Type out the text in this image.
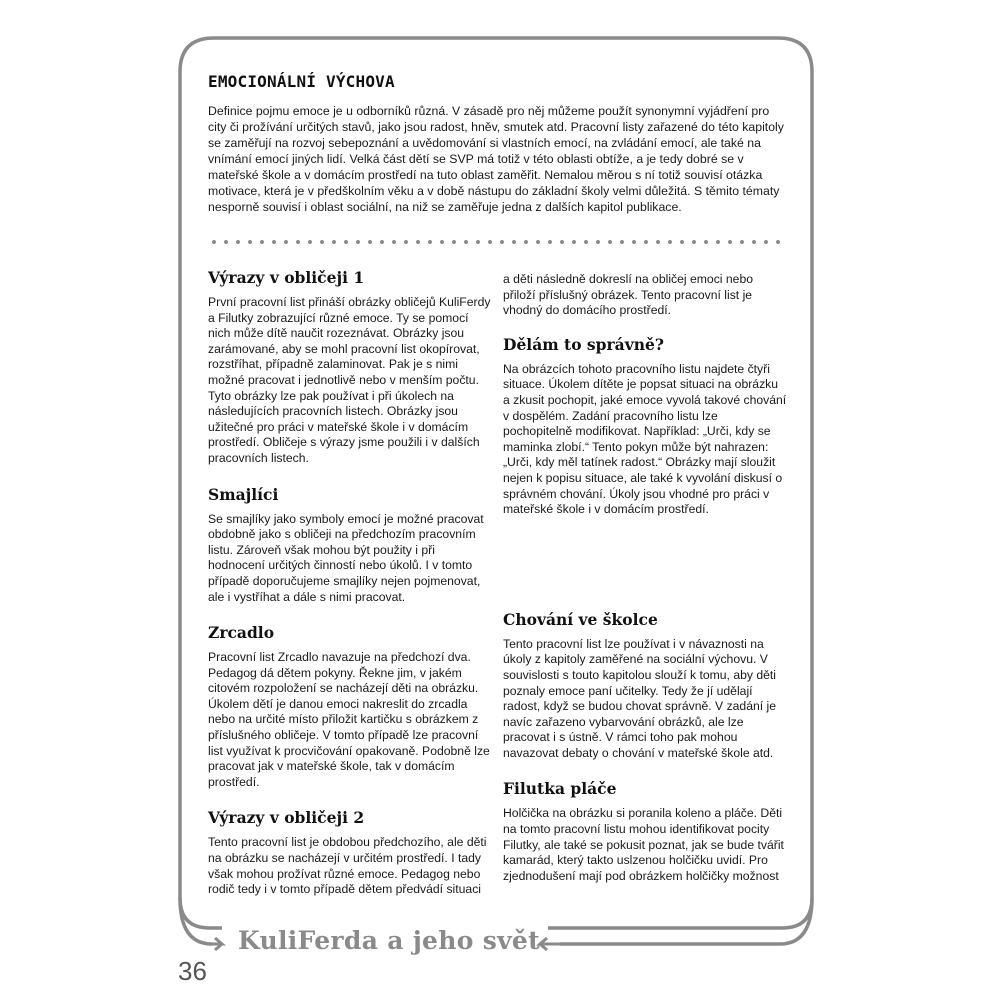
EMOCIONÁLNÍ VÝCHOVA

Definice pojmu emoce je u odborníků různá. V zásadě pro něj můžeme použít synonymní vyjádření pro city či prožívání určitých stavů, jako jsou radost, hněv, smutek atd. Pracovní listy zařazené do této kapitoly se zaměřují na rozvoj sebepoznání a uvědomování si vlastních emocí, na zvládání emocí, ale také na vnímání emocí jiných lidí. Velká část dětí se SVP má totiž v této oblasti obtíže, a je tedy dobré se v mateřské škole a v domácím prostředí na tuto oblast zaměřit. Nemalou měrou s ní totiž souvisí otázka motivace, která je v předškolním věku a v době nástupu do základní školy velmi důležitá. S těmito tématy nesporně souvisí i oblast sociální, na niž se zaměřuje jedna z dalších kapitol publikace.

Výrazy v obličeji 1

První pracovní list přináší obrázky obličejů KuliFerdy a Filutky zobrazující různé emoce. Ty se pomocí nich může dítě naučit rozeznávat. Obrázky jsou zarámované, aby se mohl pracovní list okopírovat, rozstříhat, případně zalaminovat. Pak je s nimi možné pracovat i jednotlivě nebo v menším počtu. Tyto obrázky lze pak používat i při úkolech na následujících pracovních listech. Obrázky jsou užitečné pro práci v mateřské škole i v domácím prostředí. Obličeje s výrazy jsme použili i v dalších pracovních listech.

Smajlíci

Se smajlíky jako symboly emocí je možné pracovat obdobně jako s obličeji na předchozím pracovním listu. Zároveň však mohou být použity i při hodnocení určitých činností nebo úkolů. I v tomto případě doporučujeme smajlíky nejen pojmenovat, ale i vystříhat a dále s nimi pracovat.

Zrcadlo

Pracovní list Zrcadlo navazuje na předchozí dva. Pedagog dá dětem pokyny. Řekne jim, v jakém citovém rozpoložení se nacházejí děti na obrázku. Úkolem dětí je danou emoci nakreslit do zrcadla nebo na určité místo přiložit kartičku s obrázkem z příslušného obličeje. V tomto případě lze pracovní list využívat k procvičování opakovaně. Podobně lze pracovat jak v mateřské škole, tak v domácím prostředí.

Výrazy v obličeji 2

Tento pracovní list je obdobou předchozího, ale děti na obrázku se nacházejí v určitém prostředí. I tady však mohou prožívat různé emoce. Pedagog nebo rodič tedy i v tomto případě dětem předvádí situaci

a děti následně dokreslí na obličej emoci nebo přiloží příslušný obrázek. Tento pracovní list je vhodný do domácího prostředí.

Dělám to správně?

Na obrázcích tohoto pracovního listu najdete čtyři situace. Úkolem dítěte je popsat situaci na obrázku a zkusit pochopit, jaké emoce vyvolá takové chování v dospělém. Zadání pracovního listu lze pochopitelně modifikovat. Například: „Urči, kdy se maminka zlobí.“ Tento pokyn může být nahrazen: „Urči, kdy měl tatínek radost.“ Obrázky mají sloužit nejen k popisu situace, ale také k vyvolání diskusí o správném chování. Úkoly jsou vhodné pro práci v mateřské škole i v domácím prostředí.

Chování ve školce

Tento pracovní list lze používat i v návaznosti na úkoly z kapitoly zaměřené na sociální výchovu. V souvislosti s touto kapitolou slouží k tomu, aby děti poznaly emoce paní učitelky. Tedy že jí udělají radost, když se budou chovat správně. V zadání je navíc zařazeno vybarvování obrázků, ale lze pracovat i s ústně. V rámci toho pak mohou navazovat debaty o chování v mateřské škole atd.

Filutka pláče

Holčička na obrázku si poranila koleno a pláče. Děti na tomto pracovní listu mohou identifikovat pocity Filutky, ale také se pokusit poznat, jak se bude tvářit kamarád, který takto uslzenou holčičku uvidí. Pro zjednodušení mají pod obrázkem holčičky možnost

KuliFerda a jeho svět
36
